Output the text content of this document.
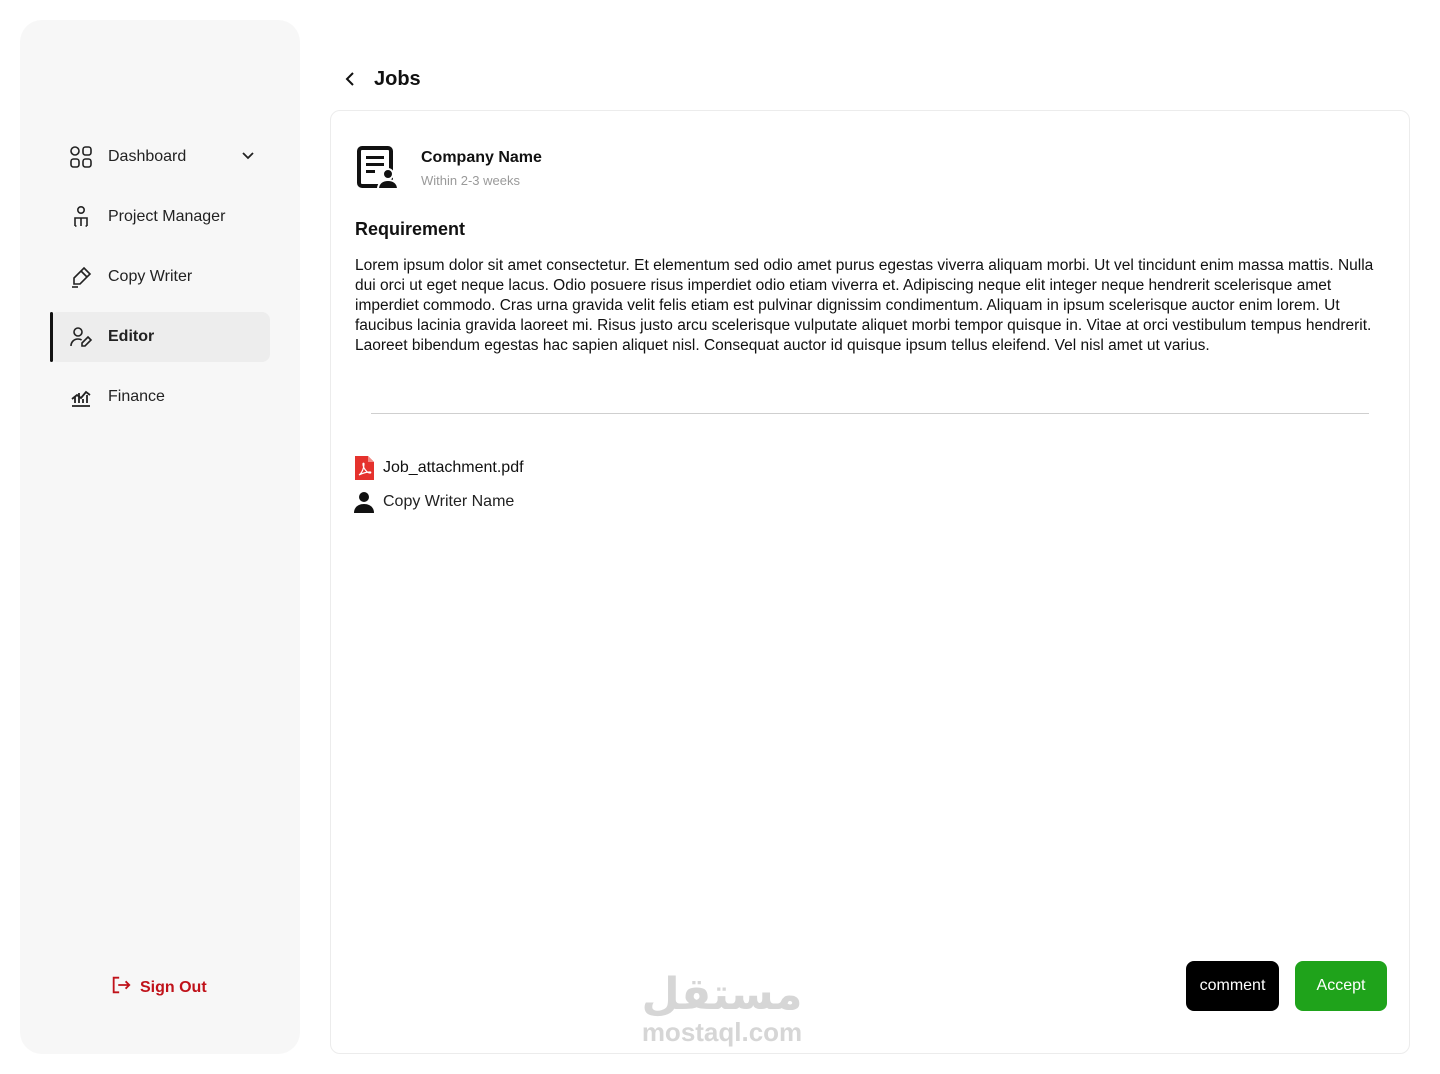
Dashboard
Project Manager
Copy Writer
Editor
Finance
Sign Out
Jobs
Company Name
Within 2-3 weeks
Requirement

Lorem ipsum dolor sit amet consectetur. Et elementum sed odio amet purus egestas viverra aliquam morbi. Ut vel tincidunt enim massa mattis. Nulla dui orci ut eget neque lacus. Odio posuere risus imperdiet odio etiam viverra et. Adipiscing neque elit integer neque hendrerit scelerisque amet imperdiet commodo. Cras urna gravida velit felis etiam est pulvinar dignissim condimentum. Aliquam in ipsum scelerisque auctor enim lorem. Ut faucibus lacinia gravida laoreet mi. Risus justo arcu scelerisque vulputate aliquet morbi tempor quisque in. Vitae at orci vestibulum tempus hendrerit. Laoreet bibendum egestas hac sapien aliquet nisl. Consequat auctor id quisque ipsum tellus eleifend. Vel nisl amet ut varius.

Job_attachment.pdf
Copy Writer Name
comment	Accept
مستقل
mostaql.com
